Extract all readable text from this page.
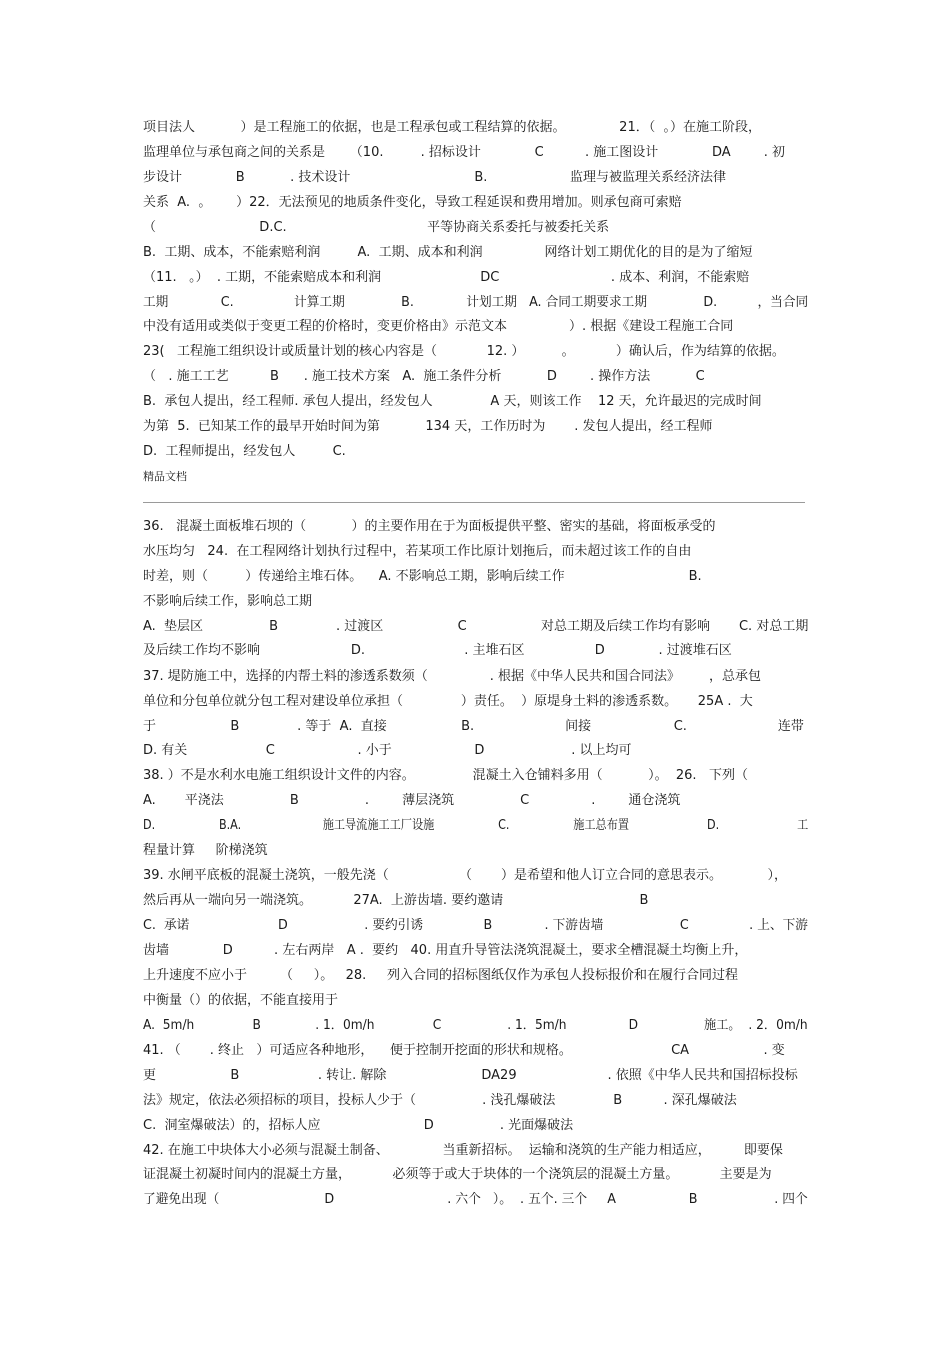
项目法人           ）是工程施工的依据，也是工程承包或工程结算的依据。             21．（  。）在施工阶段，
监理单位与承包商之间的关系是      （10.         . 招标设计             C          . 施工图设计             DA        . 初
步设计             B           . 技术设计                              B.                    监理与被监理关系经济法律
关系  A.  。      ）22．无法预见的地质条件变化，导致工程延误和费用增加。则承包商可索赔
（                         D.C.                                  平等协商关系委托与被委托关系
B.  工期、成本，不能索赔利润         A.  工期、成本和利润               网络计划工期优化的目的是为了缩短
（11.   。）  . 工期，不能索赔成本和利润                        DC                           . 成本、利润，不能索赔
工期             C.               计算工期              B.             计划工期   A. 合同工期要求工期              D.          ，当合同
中没有适用或类似于变更工程的价格时，变更价格由》示范文本               ）. 根据《建设工程施工合同
23(   工程施工组织设计或质量计划的核心内容是（            12. ）         。          ）确认后，作为结算的依据。
（   . 施工工艺          B      . 施工技术方案   A.  施工条件分析           D        . 操作方法           C
B.  承包人提出，经工程师. 承包人提出，经发包人              A 天，则该工作    12 天，允许最迟的完成时间
为第  5.  已知某工作的最早开始时间为第           134 天，工作历时为       . 发包人提出，经工程师
D.  工程师提出，经发包人         C.
精品文档
36.   混凝土面板堆石坝的（           ）的主要作用在于为面板提供平整、密实的基础，将面板承受的
水压均匀   24.  在工程网络计划执行过程中，若某项工作比原计划拖后，而未超过该工作的自由
时差，则（         ）传递给主堆石体。    A. 不影响总工期，影响后续工作                              B.
不影响后续工作，影响总工期
A.  垫层区                B              . 过渡区                  C                  对总工期及后续工作均有影响       C. 对总工期
及后续工作均不影响                      D.                        . 主堆石区                 D             . 过渡堆石区
37. 堤防施工中，选择的内帮土料的渗透系数须（               . 根据《中华人民共和国合同法》       ，总承包
单位和分包单位就分包工程对建设单位承担（              ）责任。  ）原堤身土料的渗透系数。     25A .  大
于                  B              . 等于  A.  直接                  B.                      间接                    C.                      连带
D. 有关                   C                    . 小于                    D                     . 以上均可
38. ）不是水利水电施工组织设计文件的内容。              混凝土入仓铺料多用（           ）。  26.   下列（
A.       平浇法                B                .        薄层浇筑                C               .        通仓浇筑
D.                  B.A.                       施工导流施工工厂设施                  C.                  施工总布置                      D.                      工
程量计算     阶梯浇筑
39. 水闸平底板的混凝土浇筑，一般先浇（                 （       ）是希望和他人订立合同的意思表示。           ），
然后再从一端向另一端浇筑。          27A.  上游齿墙. 要约邀请                                 B
C.  承诺                      D                   . 要约引诱               B             . 下游齿墙                   C               . 上、下游
齿墙             D          . 左右两岸   A .  要约   40. 用直升导管法浇筑混凝土，要求全槽混凝土均衡上升，
上升速度不应小于        （     ）。   28.     列入合同的招标图纸仅作为承包人投标报价和在履行合同过程
中衡量（）的依据，不能直接用于
A.  5m/h               B              . 1．0m/h               C                 . 1．5m/h                D                 施工。  . 2．0m/h
41. （       . 终止   ）可适应各种地形，    便于控制开挖面的形状和规格。                        CA                  . 变
更                  B                   . 转让. 解除                       DA29                      . 依照《中华人民共和国招标投标
法》规定，依法必须招标的项目，投标人少于（                . 浅孔爆破法              B          . 深孔爆破法
C.  洞室爆破法）的，招标人应                         D                . 光面爆破法
42. 在施工中块体大小必须与混凝土制备、             当重新招标。  运输和浇筑的生产能力相适应，        即要保
证混凝土初凝时间内的混凝土方量，          必须等于或大于块体的一个浇筑层的混凝土方量。          主要是为
了避免出现（                          D                            . 六个   ）。  . 五个. 三个     A                  B                   . 四个
